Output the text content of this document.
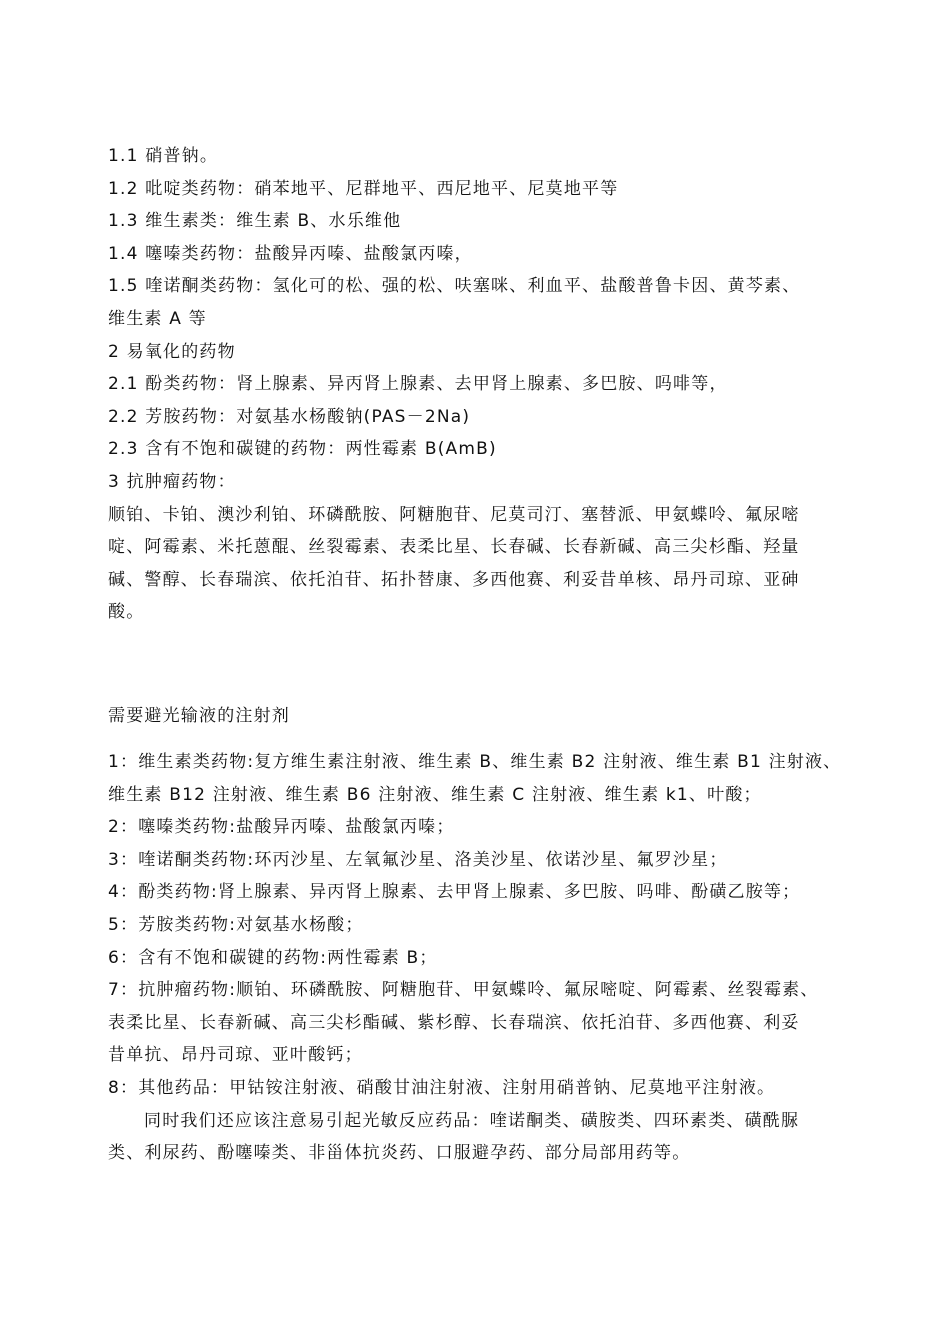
1.1 硝普钠。
1.2 吡啶类药物：硝苯地平、尼群地平、西尼地平、尼莫地平等
1.3 维生素类：维生素 B、水乐维他
1.4 噻嗪类药物：盐酸异丙嗪、盐酸氯丙嗪，
1.5 喹诺酮类药物：氢化可的松、强的松、呋塞咪、利血平、盐酸普鲁卡因、黄芩素、
维生素 A 等
2 易氧化的药物
2.1 酚类药物：肾上腺素、异丙肾上腺素、去甲肾上腺素、多巴胺、吗啡等，
2.2 芳胺药物：对氨基水杨酸钠(PAS－2Na)
2.3 含有不饱和碳键的药物：两性霉素 B(AmB)
3 抗肿瘤药物：
顺铂、卡铂、澳沙利铂、环磷酰胺、阿糖胞苷、尼莫司汀、塞替派、甲氨蝶呤、氟尿嘧
啶、阿霉素、米托蒽醌、丝裂霉素、表柔比星、长春碱、长春新碱、高三尖杉酯、羟量
碱、警醇、长春瑞滨、依托泊苷、拓扑替康、多西他赛、利妥昔单核、昂丹司琼、亚砷
酸。
需要避光输液的注射剂
1：维生素类药物:复方维生素注射液、维生素 B、维生素 B2 注射液、维生素 B1 注射液、
维生素 B12 注射液、维生素 B6 注射液、维生素 C 注射液、维生素 k1、叶酸；
2：噻嗪类药物:盐酸异丙嗪、盐酸氯丙嗪；
3：喹诺酮类药物:环丙沙星、左氧氟沙星、洛美沙星、依诺沙星、氟罗沙星；
4：酚类药物:肾上腺素、异丙肾上腺素、去甲肾上腺素、多巴胺、吗啡、酚磺乙胺等；
5：芳胺类药物:对氨基水杨酸；
6：含有不饱和碳键的药物:两性霉素 B；
7：抗肿瘤药物:顺铂、环磷酰胺、阿糖胞苷、甲氨蝶呤、氟尿嘧啶、阿霉素、丝裂霉素、
表柔比星、长春新碱、高三尖杉酯碱、紫杉醇、长春瑞滨、依托泊苷、多西他赛、利妥
昔单抗、昂丹司琼、亚叶酸钙；
8：其他药品：甲钴铵注射液、硝酸甘油注射液、注射用硝普钠、尼莫地平注射液。
同时我们还应该注意易引起光敏反应药品：喹诺酮类、磺胺类、四环素类、磺酰脲
类、利尿药、酚噻嗪类、非甾体抗炎药、口服避孕药、部分局部用药等。
